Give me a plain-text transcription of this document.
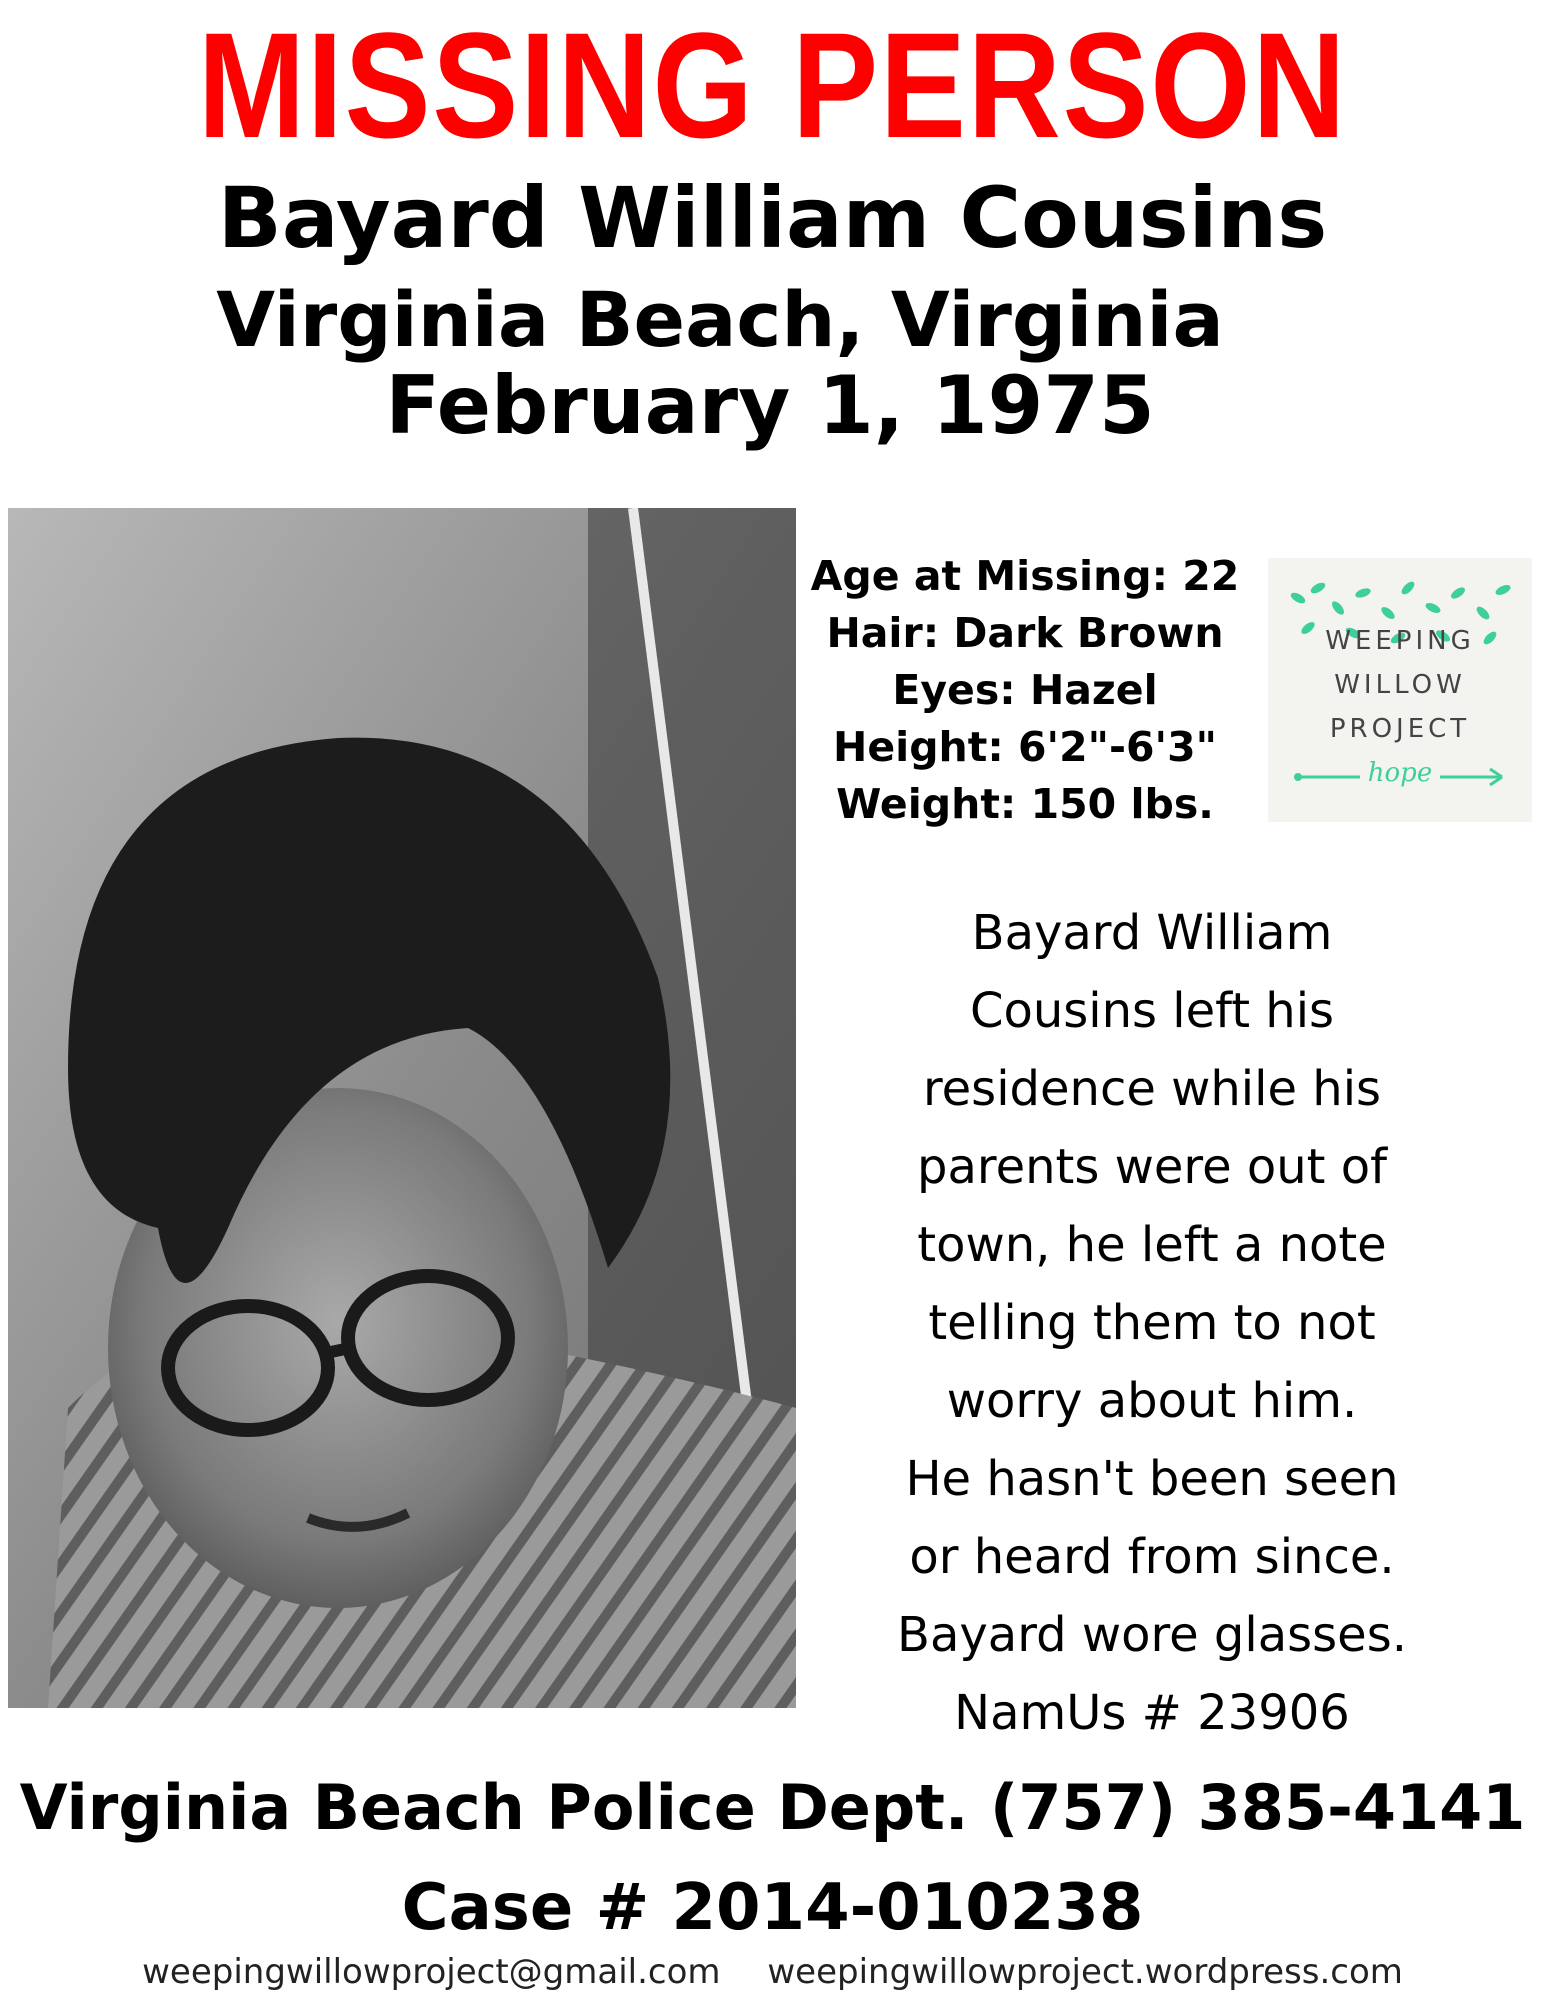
MISSING PERSON
Bayard William Cousins
Virginia Beach, Virginia
February 1, 1975
Age at Missing: 22
Hair: Dark Brown
Eyes: Hazel
Height: 6'2"-6'3"
Weight: 150 lbs.
WEEPING
WILLOW
PROJECT
hope
Bayard William
Cousins left his
residence while his
parents were out of
town, he left a note
telling them to not
worry about him.
He hasn't been seen
or heard from since.
Bayard wore glasses.
NamUs # 23906
Virginia Beach Police Dept. (757) 385-4141
Case # 2014-010238
weepingwillowproject@gmail.com weepingwillowproject.wordpress.com
